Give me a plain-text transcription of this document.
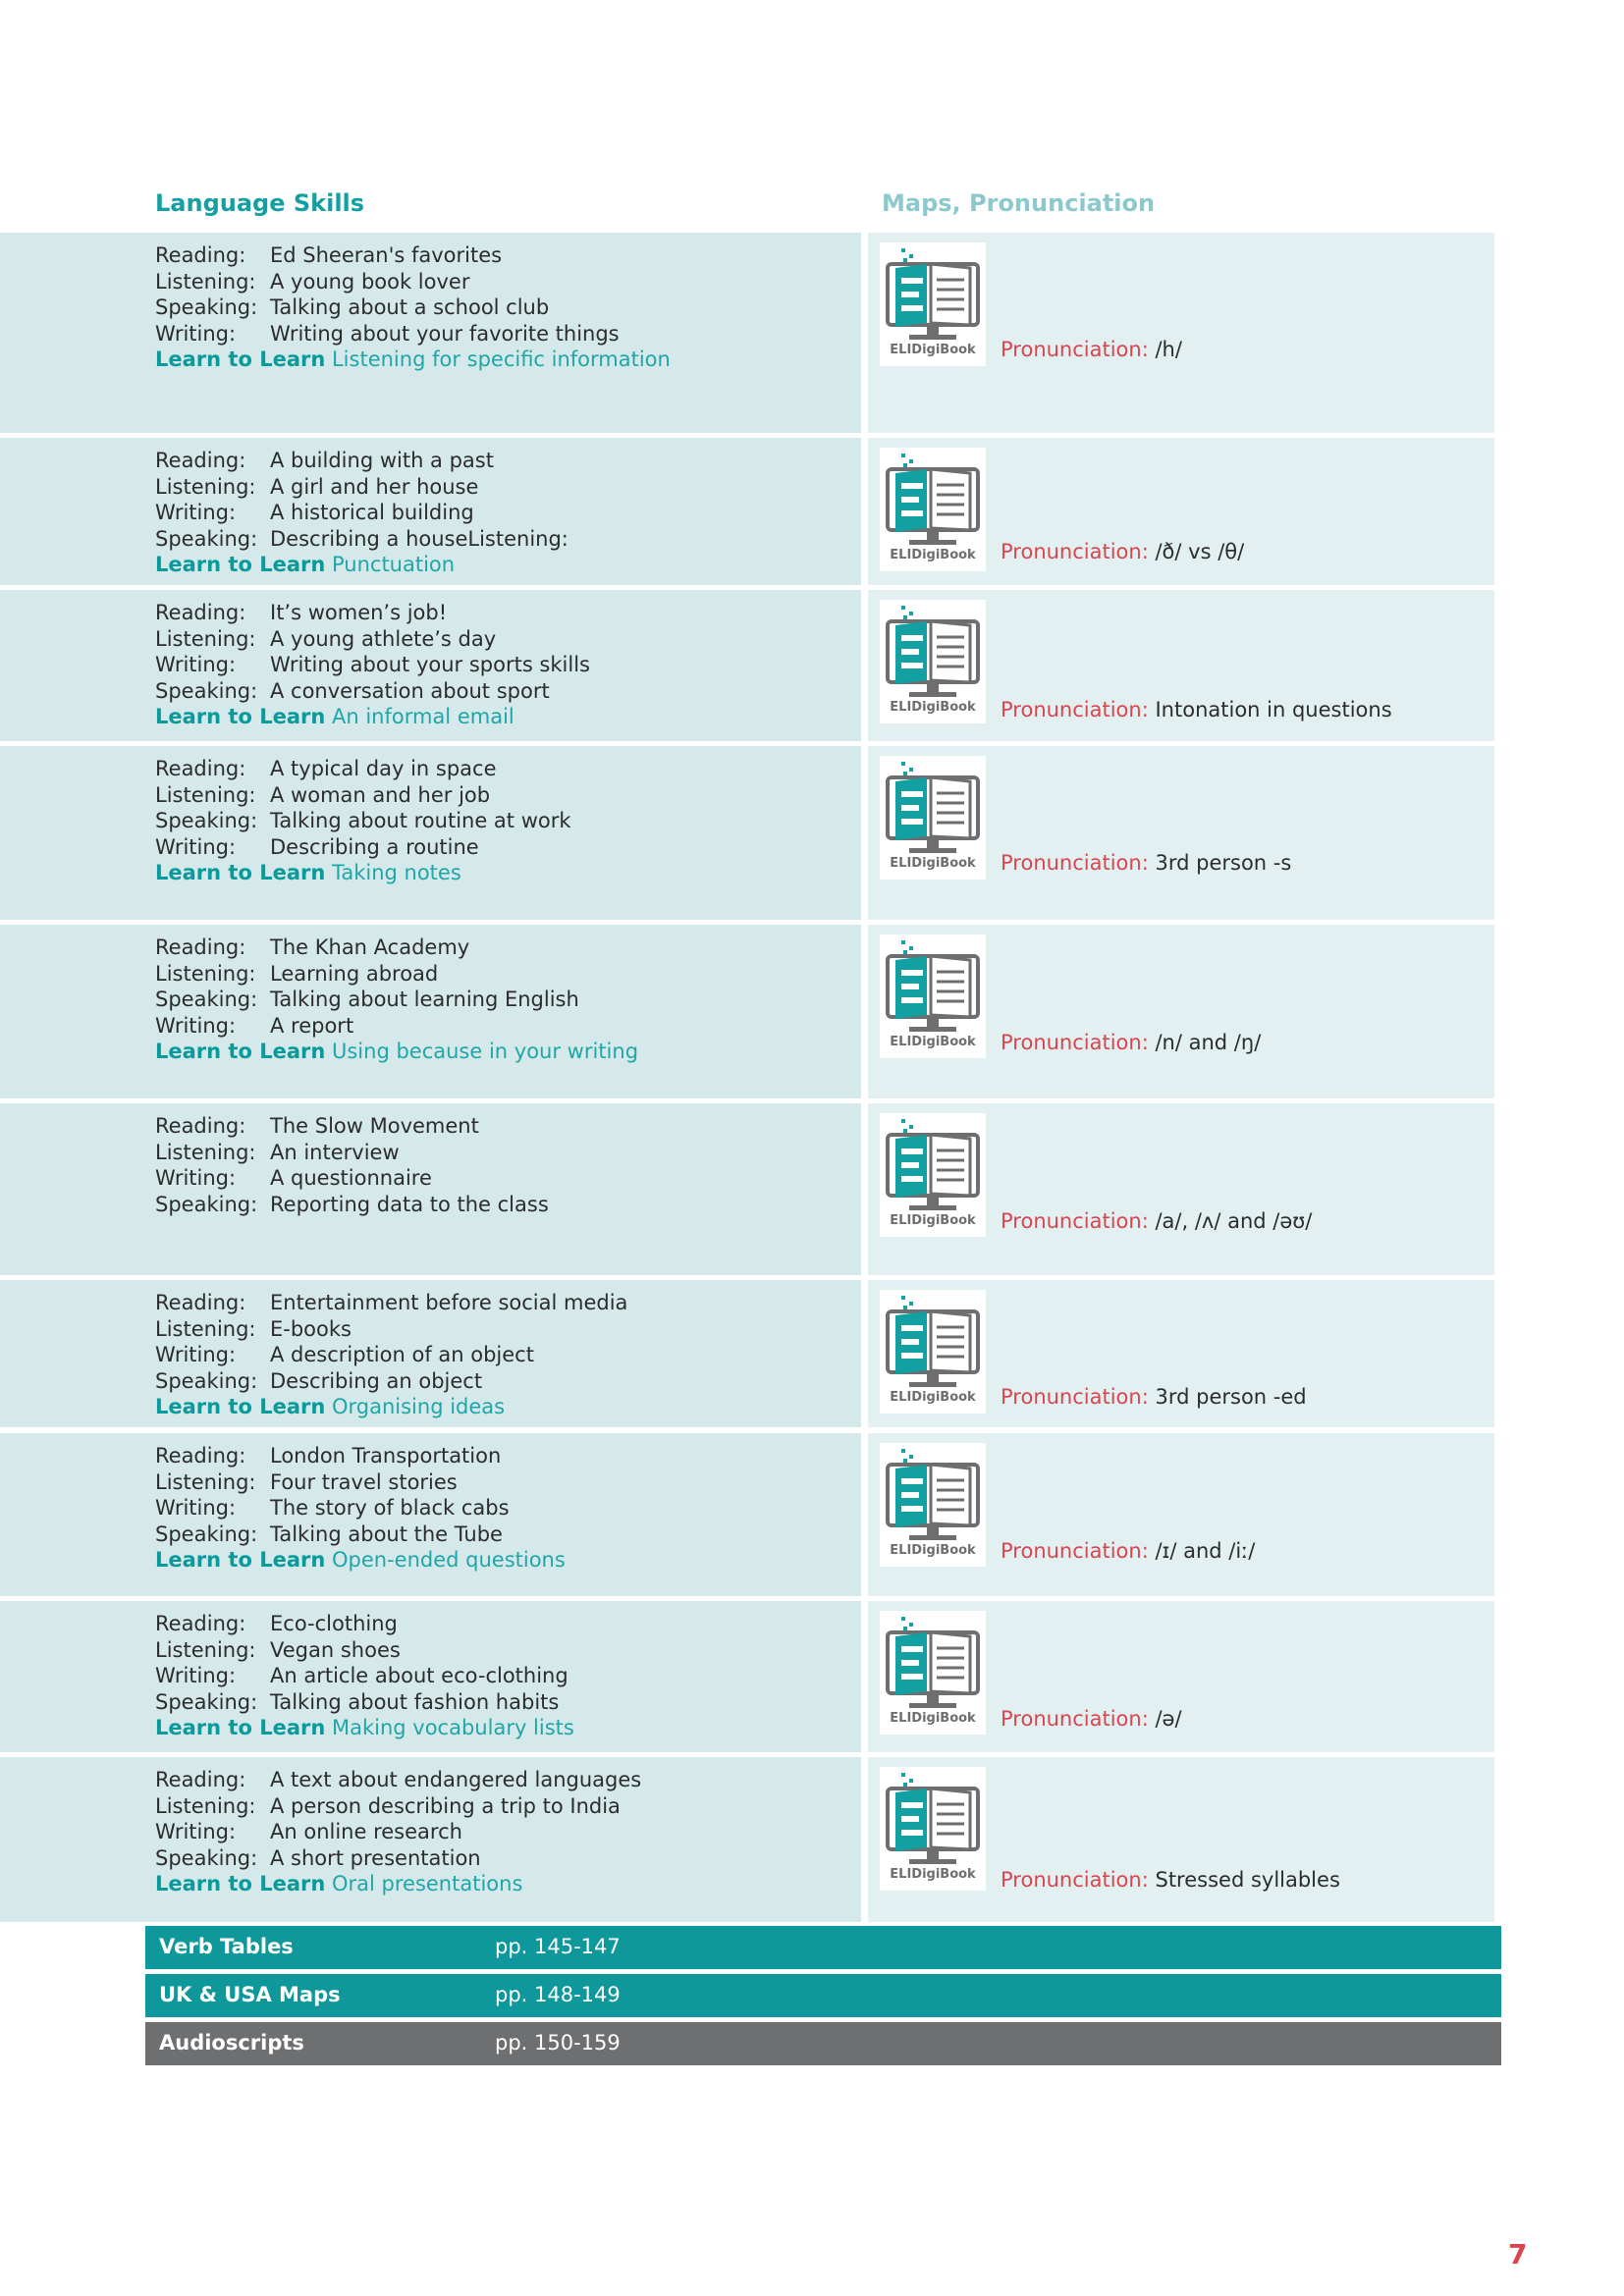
Language Skills	Maps, Pronunciation
Reading: Ed Sheeran's favorites
Listening: A young book lover
Speaking: Talking about a school club
Writing: Writing about your favorite things
Learn to Learn Listening for specific information	ELIDigiBook	Pronunciation: /h/
Reading: A building with a past
Listening: A girl and her house
Writing: A historical building
Speaking: Describing a houseListening:
Learn to Learn Punctuation	ELIDigiBook	Pronunciation: /ð/ vs /θ/
Reading: It’s women’s job!
Listening: A young athlete’s day
Writing: Writing about your sports skills
Speaking: A conversation about sport
Learn to Learn An informal email	ELIDigiBook	Pronunciation: Intonation in questions
Reading: A typical day in space
Listening: A woman and her job
Speaking: Talking about routine at work
Writing: Describing a routine
Learn to Learn Taking notes	ELIDigiBook	Pronunciation: 3rd person -s
Reading: The Khan Academy
Listening: Learning abroad
Speaking: Talking about learning English
Writing: A report
Learn to Learn Using because in your writing	ELIDigiBook	Pronunciation: /n/ and /ŋ/
Reading: The Slow Movement
Listening: An interview
Writing: A questionnaire
Speaking: Reporting data to the class
ELIDigiBook	Pronunciation: /a/, /ʌ/ and /əʊ/
Reading: Entertainment before social media
Listening: E-books
Writing: A description of an object
Speaking: Describing an object
Learn to Learn Organising ideas	ELIDigiBook	Pronunciation: 3rd person -ed
Reading: London Transportation
Listening: Four travel stories
Writing: The story of black cabs
Speaking: Talking about the Tube
Learn to Learn Open-ended questions	ELIDigiBook	Pronunciation: /ɪ/ and /iː/
Reading: Eco-clothing
Listening: Vegan shoes
Writing: An article about eco-clothing
Speaking: Talking about fashion habits
Learn to Learn Making vocabulary lists	ELIDigiBook	Pronunciation: /ə/
Reading: A text about endangered languages
Listening: A person describing a trip to India
Writing: An online research
Speaking: A short presentation
Learn to Learn Oral presentations	ELIDigiBook	Pronunciation: Stressed syllables
Verb Tables	pp. 145-147
UK & USA Maps	pp. 148-149
Audioscripts	pp. 150-159
7
